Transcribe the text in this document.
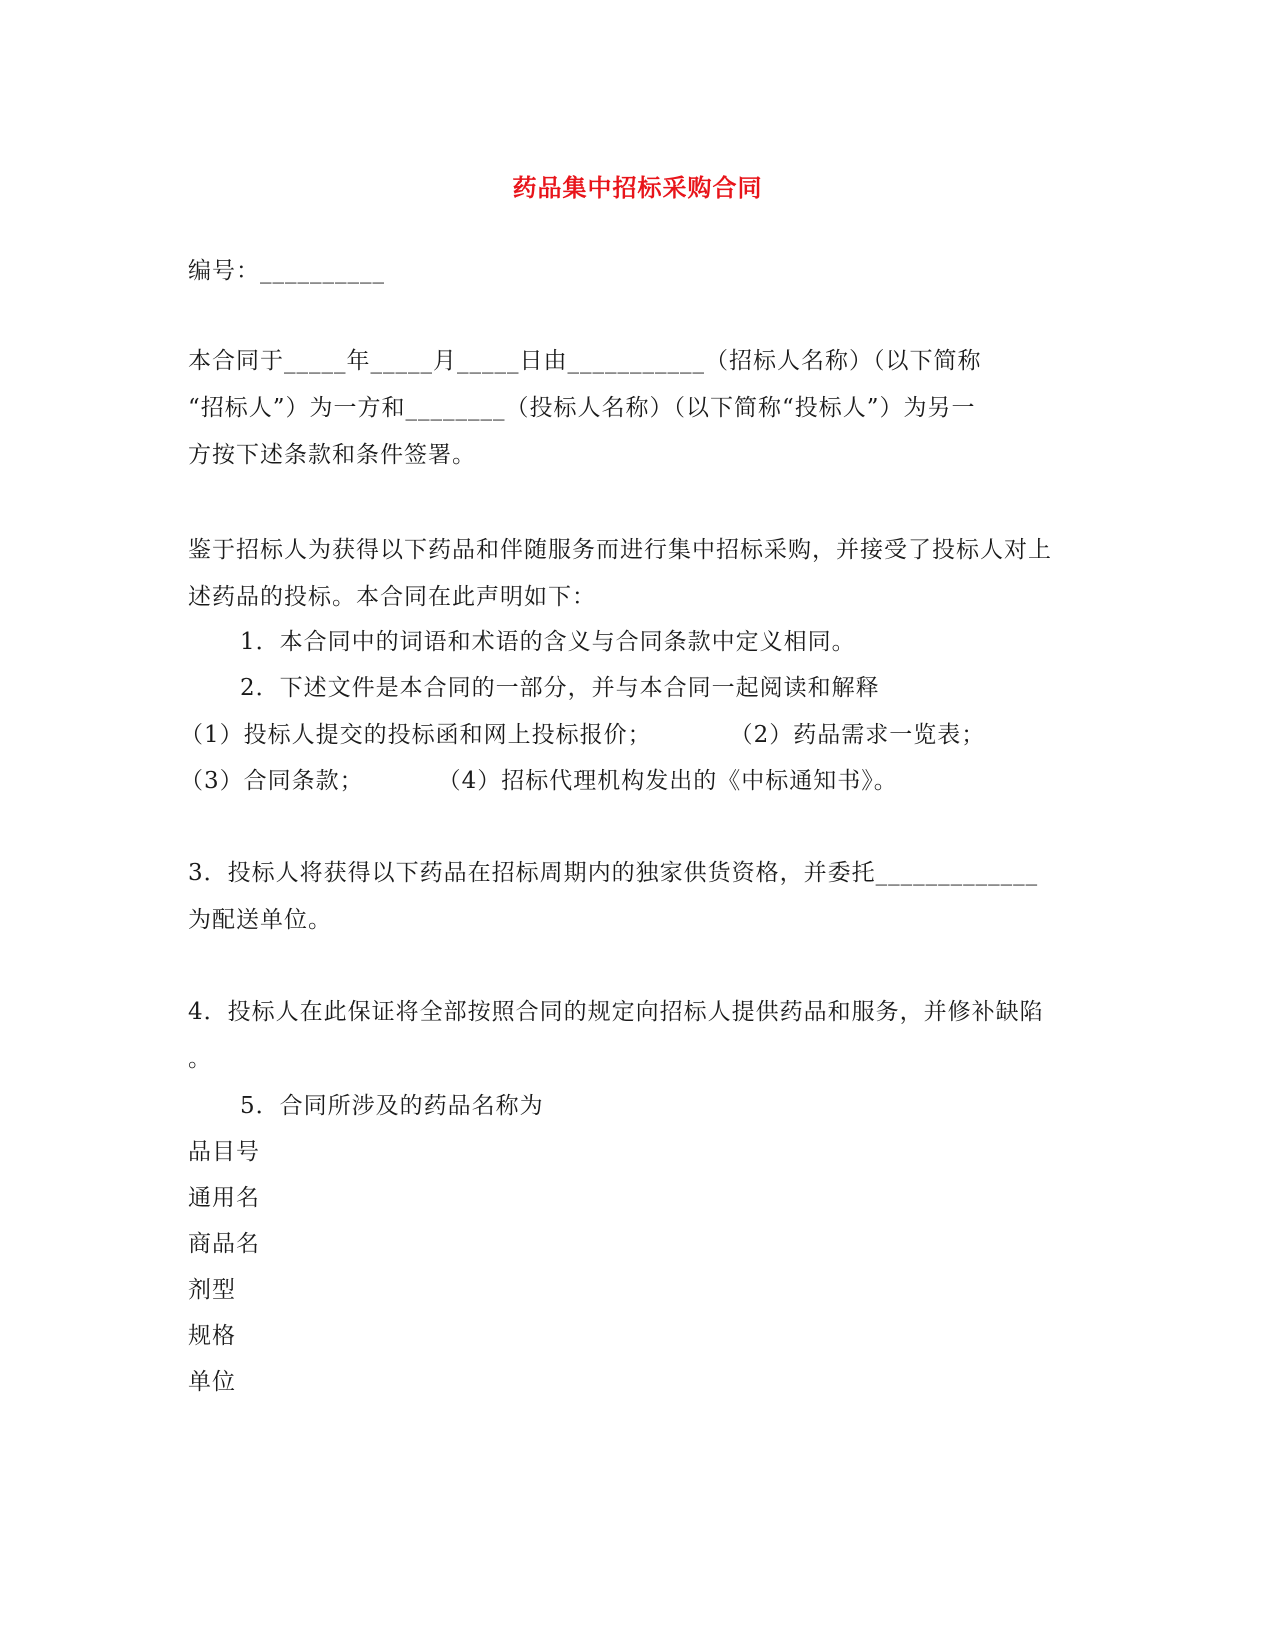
药品集中招标采购合同
编号：__________
本合同于_____年_____月_____日由___________（招标人名称）（以下简称
“招标人”）为一方和________（投标人名称）（以下简称“投标人”）为另一
方按下述条款和条件签署。
鉴于招标人为获得以下药品和伴随服务而进行集中招标采购，并接受了投标人对上
述药品的投标。本合同在此声明如下：
1．本合同中的词语和术语的含义与合同条款中定义相同。
2．下述文件是本合同的一部分，并与本合同一起阅读和解释
（1）投标人提交的投标函和网上投标报价；	（2）药品需求一览表；
（3）合同条款；	（4）招标代理机构发出的《中标通知书》。
3．投标人将获得以下药品在招标周期内的独家供货资格，并委托_____________
为配送单位。
4．投标人在此保证将全部按照合同的规定向招标人提供药品和服务，并修补缺陷
。
5．合同所涉及的药品名称为
品目号
通用名
商品名
剂型
规格
单位
